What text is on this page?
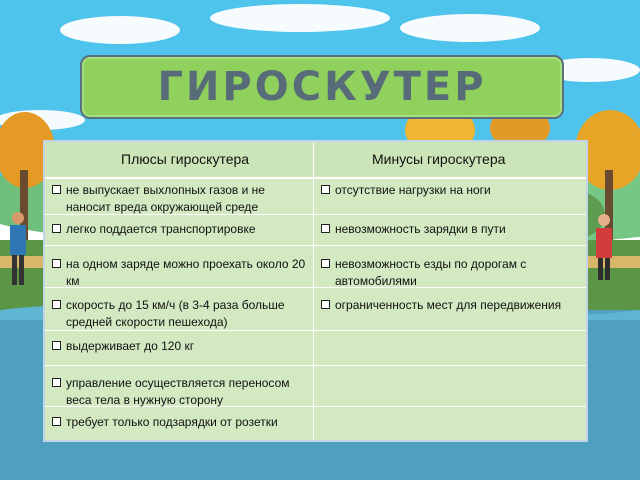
ГИРОСКУТЕР
Плюсы гироскутера	Минусы гироскутера
не выпускает выхлопных газов и не наносит вреда окружающей среде
легко поддается транспортировке
на одном заряде можно проехать около 20 км
скорость до 15 км/ч (в 3-4 раза больше средней скорости пешехода)
выдерживает до 120 кг
управление осуществляется переносом веса тела в нужную сторону
требует только подзарядки от розетки
отсутствие нагрузки на ноги
невозможность зарядки в пути
невозможность езды по дорогам с автомобилями
ограниченность мест для передвижения
